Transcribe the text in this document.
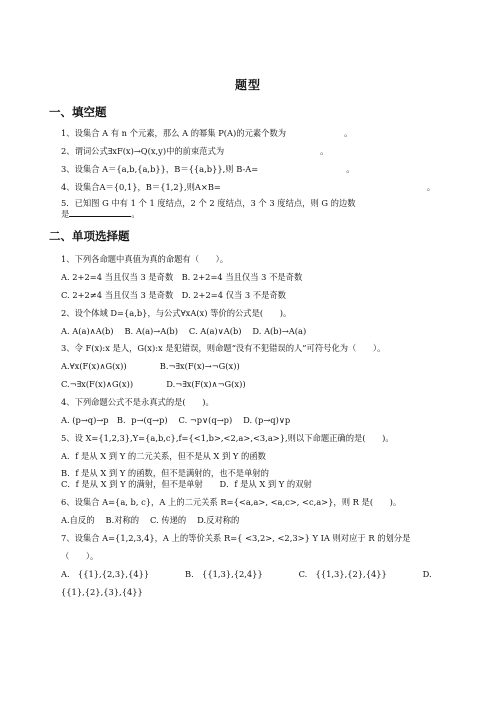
题型
一、填空题
1、设集合 A 有 n 个元素，那么 A 的幂集 P(A)的元素个数为	。
2、谓词公式∃xF(x)→Q(x,y)中的前束范式为	。
3、设集合 A＝{a,b,{a,b}}，B＝{{a,b}},则 B-A=	。
4、设集合A＝{0,1}，B＝{1,2},则A×B=	。
5．已知图 G 中有 1 个 1 度结点，2 个 2 度结点，3 个 3 度结点，则 G 的边数
是	。
二、单项选择题
1、下列各命题中真值为真的命题有（　　）。
A. 2+2=4 当且仅当 3 是奇数　B. 2+2=4 当且仅当 3 不是奇数
C. 2+2≠4 当且仅当 3 是奇数　D. 2+2=4 仅当 3 不是奇数
2、设个体域 D={a,b}，与公式∀xA(x) 等价的公式是(　　)。
A. A(a)∧A(b)　 B. A(a)→A(b)　 C. A(a)∨A(b)　 D. A(b)→A(a)
3、令 F(x):x 是人，G(x):x 是犯错误，则命题“没有不犯错误的人”可符号化为（　　）。
A.∀x(F(x)∧G(x))　　　　B.¬∃x(F(x)→¬G(x))
C.¬∃x(F(x)∧G(x))　　　　D.¬∃x(F(x)∧¬G(x))
4、下列命题公式不是永真式的是(　　)。
A. (p→q)→p　B．p→(q→p)　 C. ¬p∨(q→p)　 D. (p→q)∨p
5、设 X={1,2,3},Y={a,b,c},f={<1,b>,<2,a>,<3,a>},则以下命题正确的是(　　)。
A．f 是从 X 到 Y 的二元关系，但不是从 X 到 Y 的函数
B．f 是从 X 到 Y 的函数，但不是满射的，也不是单射的
C．f 是从 X 到 Y 的满射，但不是单射　　D．f 是从 X 到 Y 的双射
6、设集合 A={a, b, c}，A 上的二元关系 R={<a,a>, <a,c>, <c,a>}，则 R 是(　　)。
A.自反的　 B.对称的　 C. 传递的　 D.反对称的
7、设集合 A={1,2,3,4}，A 上的等价关系 R={ <3,2>, <2,3>} Y IA 则对应于 R 的划分是
（　　）。
A.　{{1},{2,3},{4}}　　　　 B.　{{1,3},{2,4}}　　　　 C.　{{1,3},{2},{4}}　　　　 D.
{{1},{2},{3},{4}}
